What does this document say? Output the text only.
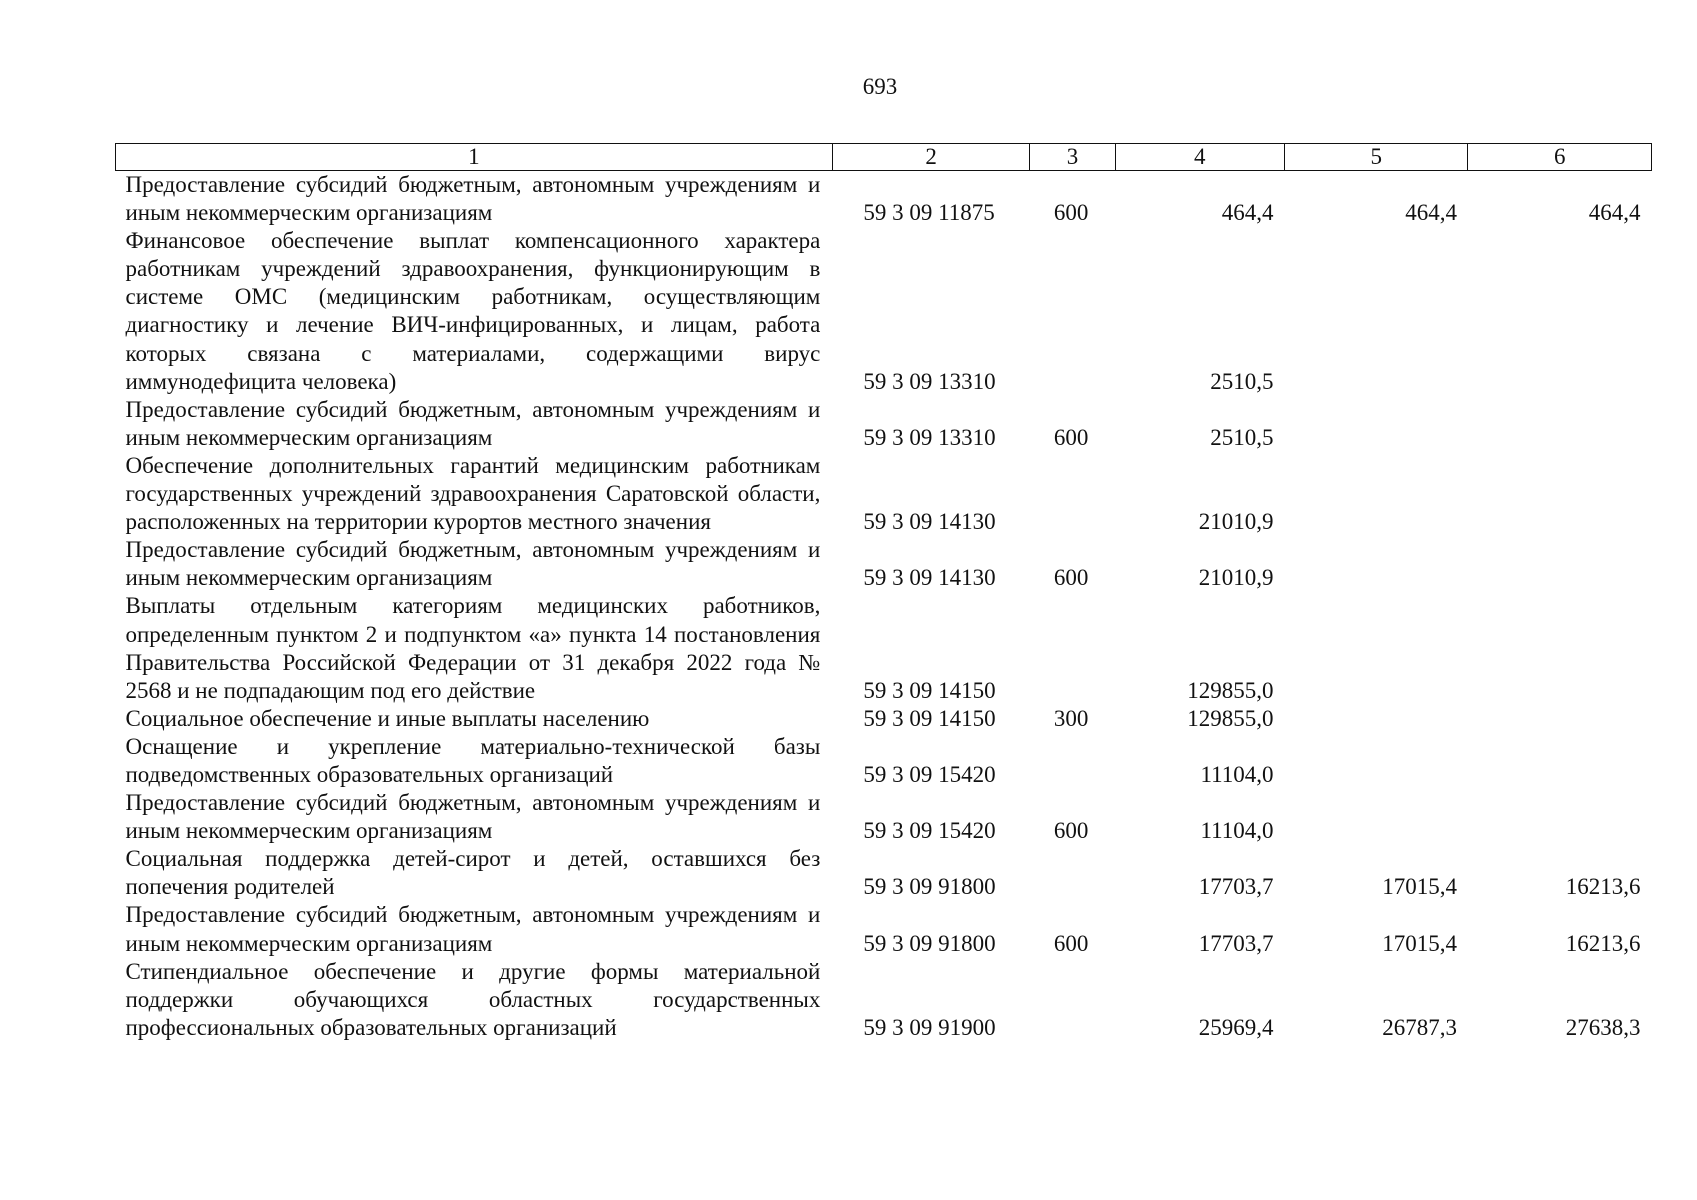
693
1	2	3	4	5	6
Предоставление субсидий бюджетным, автономным учреждениям и иным некоммерческим организациям	59 3 09 11875	600	464,4	464,4	464,4
Финансовое обеспечение выплат компенсационного характера работникам учреждений здравоохранения, функционирующим в системе ОМС (медицинским работникам, осуществляющим диагностику и лечение ВИЧ-инфицированных, и лицам, работа которых связана с материалами, содержащими вирус иммунодефицита человека)	59 3 09 13310		2510,5		
Предоставление субсидий бюджетным, автономным учреждениям и иным некоммерческим организациям	59 3 09 13310	600	2510,5		
Обеспечение дополнительных гарантий медицинским работникам государственных учреждений здравоохранения Саратовской области, расположенных на территории курортов местного значения	59 3 09 14130		21010,9		
Предоставление субсидий бюджетным, автономным учреждениям и иным некоммерческим организациям	59 3 09 14130	600	21010,9		
Выплаты отдельным категориям медицинских работников, определенным пунктом 2 и подпунктом «а» пункта 14 постановления Правительства Российской Федерации от 31 декабря 2022 года № 2568 и не подпадающим под его действие	59 3 09 14150		129855,0		
Социальное обеспечение и иные выплаты населению	59 3 09 14150	300	129855,0		
Оснащение и укрепление материально-технической базы подведомственных образовательных организаций	59 3 09 15420		11104,0		
Предоставление субсидий бюджетным, автономным учреждениям и иным некоммерческим организациям	59 3 09 15420	600	11104,0		
Социальная поддержка детей-сирот и детей, оставшихся без попечения родителей	59 3 09 91800		17703,7	17015,4	16213,6
Предоставление субсидий бюджетным, автономным учреждениям и иным некоммерческим организациям	59 3 09 91800	600	17703,7	17015,4	16213,6
Стипендиальное обеспечение и другие формы материальной поддержки обучающихся областных государственных профессиональных образовательных организаций	59 3 09 91900		25969,4	26787,3	27638,3
